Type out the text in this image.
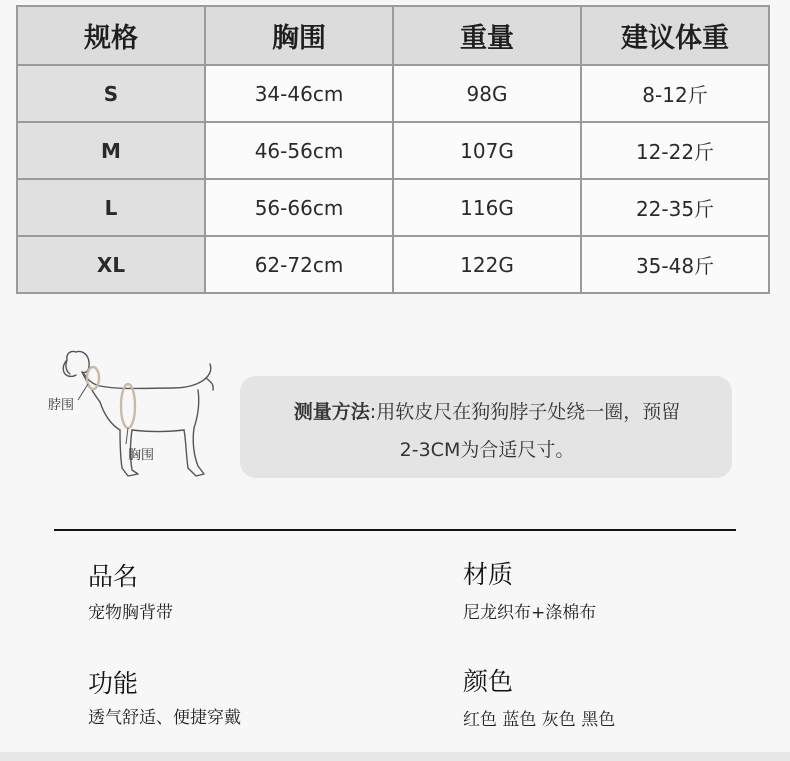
规格	胸围	重量	建议体重
S	34-46cm	98G	8-12斤
M	46-56cm	107G	12-22斤
L	56-66cm	116G	22-35斤
XL	62-72cm	122G	35-48斤
脖围
胸围
测量方法:用软皮尺在狗狗脖子处绕一圈，预留
2-3CM为合适尺寸。
品名
宠物胸背带
材质
尼龙织布+涤棉布
功能
透气舒适、便捷穿戴
颜色
红色 蓝色 灰色 黑色
